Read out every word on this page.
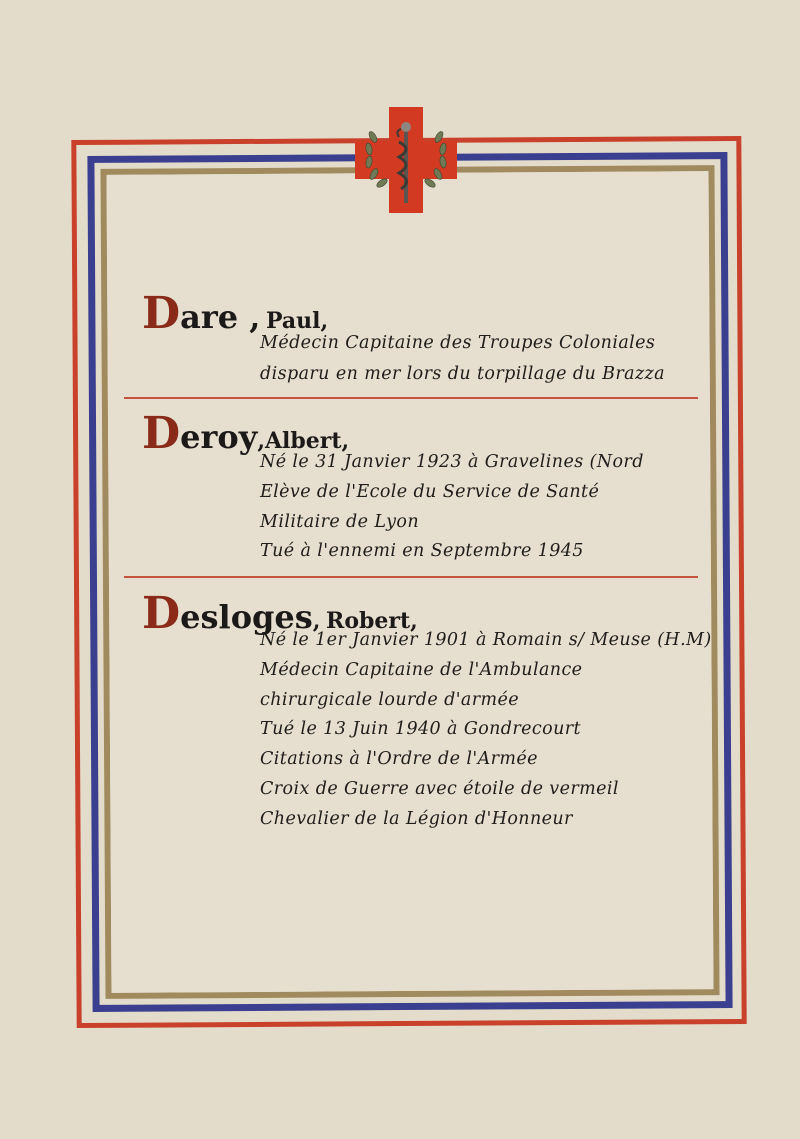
Dare , Paul,
Médecin Capitaine des Troupes Coloniales
disparu en mer lors du torpillage du Brazza
Deroy,Albert,
Né le 31 Janvier 1923 à Gravelines (Nord
Elève de l'Ecole du Service de Santé
Militaire de Lyon
Tué à l'ennemi en Septembre 1945
Desloges, Robert,
Né le 1er Janvier 1901 à Romain s/ Meuse (H.M)
Médecin Capitaine de l'Ambulance
chirurgicale lourde d'armée
Tué le 13 Juin 1940 à Gondrecourt
Citations à l'Ordre de l'Armée
Croix de Guerre avec étoile de vermeil
Chevalier de la Légion d'Honneur
